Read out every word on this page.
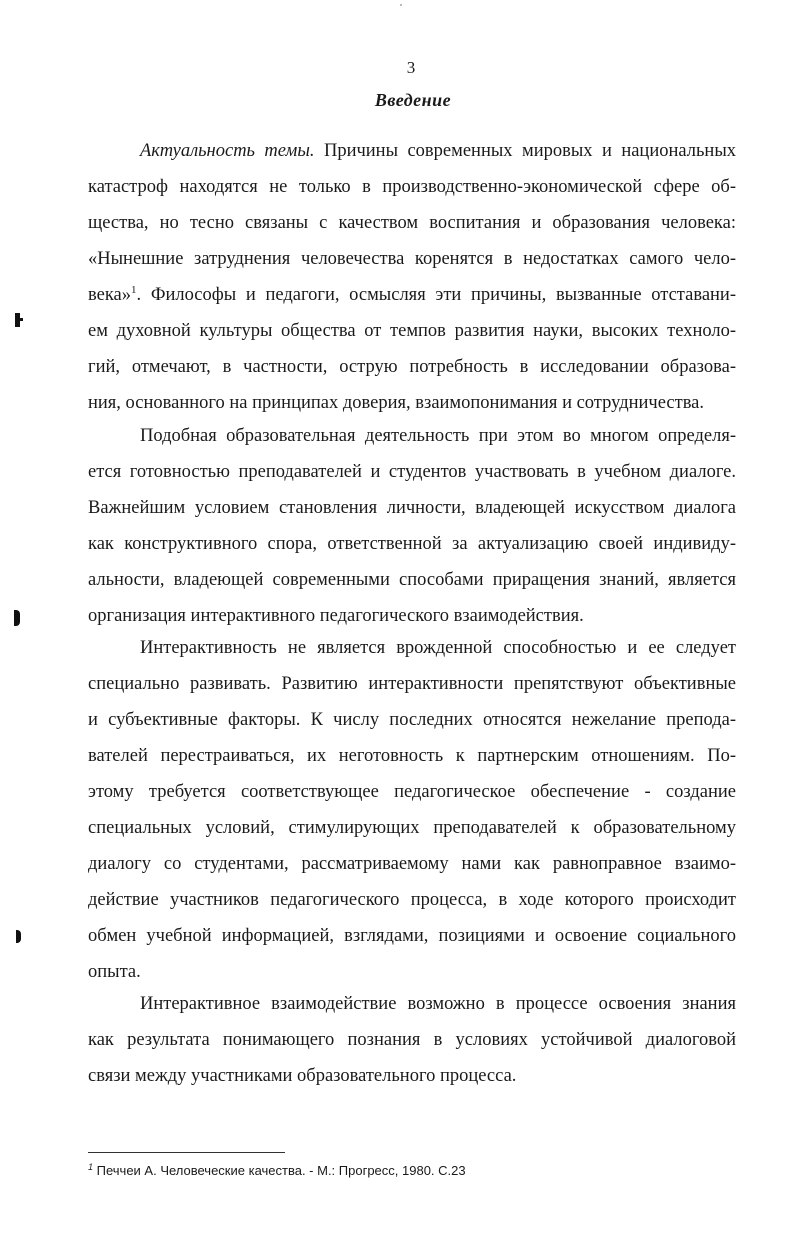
3
Введение
Актуальность темы. Причины современных мировых и национальных
катастроф находятся не только в производственно-экономической сфере об-
щества, но тесно связаны с качеством воспитания и образования человека:
«Нынешние затруднения человечества коренятся в недостатках самого чело-
века»$^1$. Философы и педагоги, осмысляя эти причины, вызванные отставани-
ем духовной культуры общества от темпов развития науки, высоких техноло-
гий, отмечают, в частности, острую потребность в исследовании образова-
ния, основанного на принципах доверия, взаимопонимания и сотрудничества.
Подобная образовательная деятельность при этом во многом определя-
ется готовностью преподавателей и студентов участвовать в учебном диалоге.
Важнейшим условием становления личности, владеющей искусством диалога
как конструктивного спора, ответственной за актуализацию своей индивиду-
альности, владеющей современными способами приращения знаний, является
организация интерактивного педагогического взаимодействия.
Интерактивность не является врожденной способностью и ее следует
специально развивать. Развитию интерактивности препятствуют объективные
и субъективные факторы. К числу последних относятся нежелание препода-
вателей перестраиваться, их неготовность к партнерским отношениям. По-
этому требуется соответствующее педагогическое обеспечение - создание
специальных условий, стимулирующих преподавателей к образовательному
диалогу со студентами, рассматриваемому нами как равноправное взаимо-
действие участников педагогического процесса, в ходе которого происходит
обмен учебной информацией, взглядами, позициями и освоение социального
опыта.
Интерактивное взаимодействие возможно в процессе освоения знания
как результата понимающего познания в условиях устойчивой диалоговой
связи между участниками образовательного процесса.
$^1$ Печчеи А. Человеческие качества. - М.: Прогресс, 1980. С.23
